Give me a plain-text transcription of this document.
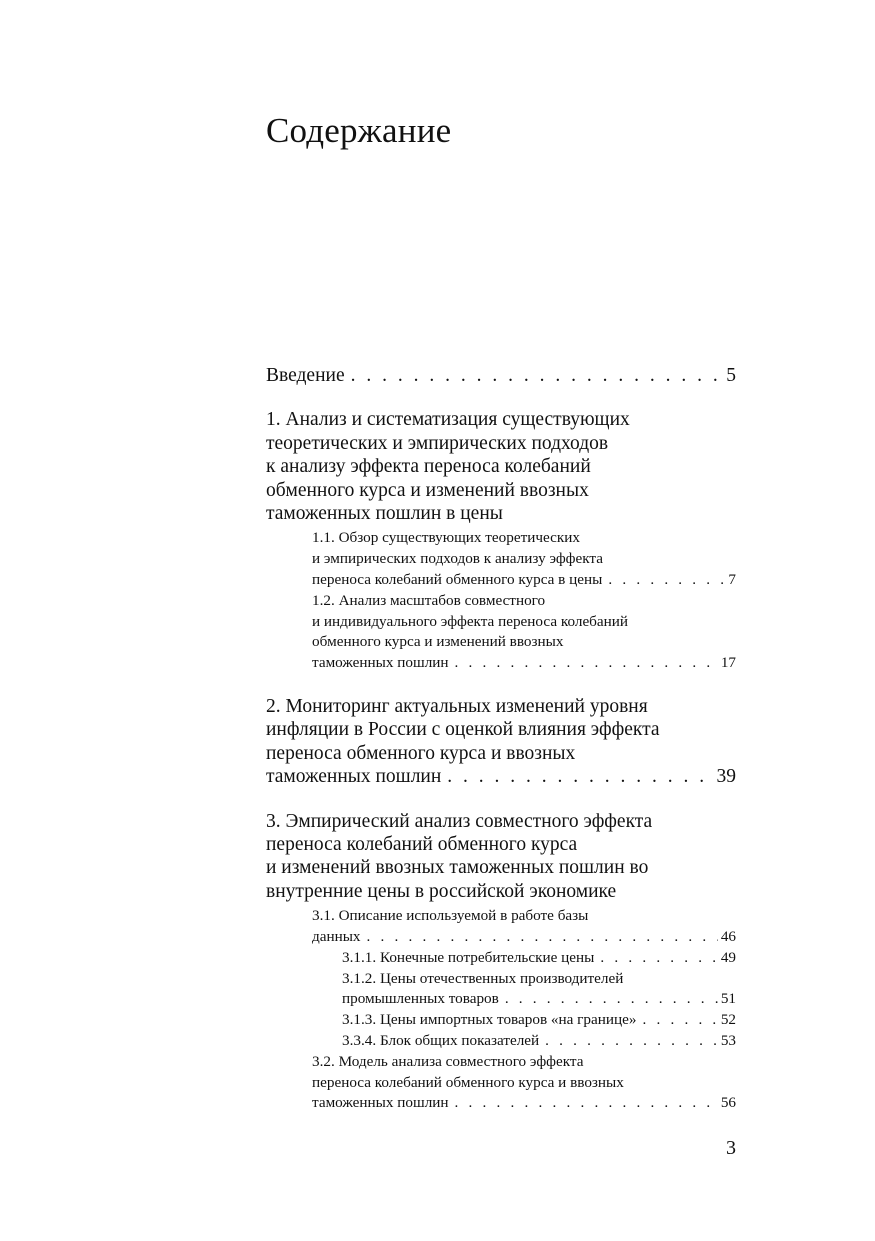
Содержание
Введение . . .	5
1. Анализ и систематизация существующих
теоретических и эмпирических подходов
к анализу эффекта переноса колебаний
обменного курса и изменений ввозных
таможенных пошлин в цены
1.1. Обзор существующих теоретических
и эмпирических подходов к анализу эффекта
переноса колебаний обменного курса в цены . . .	7
1.2. Анализ масштабов совместного
и индивидуального эффекта переноса колебаний
обменного курса и изменений ввозных
таможенных пошлин . . .	17
2. Мониторинг актуальных изменений уровня
инфляции в России с оценкой влияния эффекта
переноса обменного курса и ввозных
таможенных пошлин . . .	39
3. Эмпирический анализ совместного эффекта
переноса колебаний обменного курса
и изменений ввозных таможенных пошлин во
внутренние цены в российской экономике
3.1. Описание используемой в работе базы
данных . . .	46
3.1.1. Конечные потребительские цены . . .	49
3.1.2. Цены отечественных производителей
промышленных товаров . . .	51
3.1.3. Цены импортных товаров «на границе» . . .	52
3.3.4. Блок общих показателей . . .	53
3.2. Модель анализа совместного эффекта
переноса колебаний обменного курса и ввозных
таможенных пошлин . . .	56
3
